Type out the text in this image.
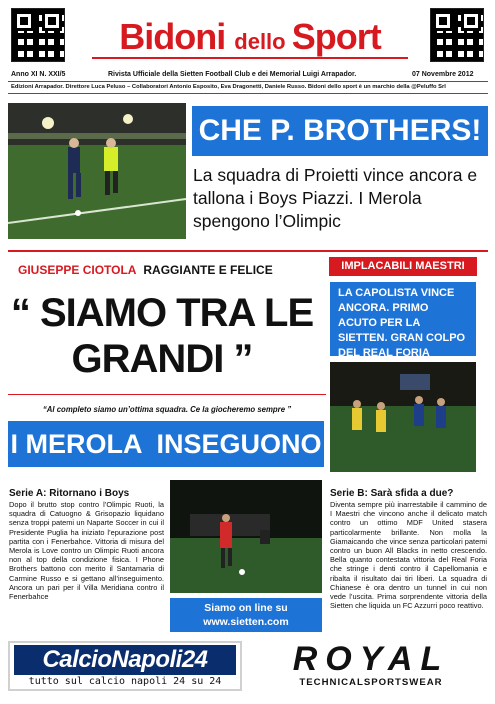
Bidoni dello Sport
Anno XI N. XXI/5	Rivista Ufficiale della Sietten Football Club e dei Memorial Luigi Arrapador.	07 Novembre 2012
Edizioni Arrapador. Direttore Luca Peluso – Collaboratori Antonio Esposito, Eva Dragonetti, Daniele Russo. Bidoni dello sport è un marchio della @Peluffo Srl
CHE P. BROTHERS!
La squadra di Proietti vince ancora e tallona i Boys Piazzi. I Merola spengono l’Olimpic
GIUSEPPE CIOTOLA RAGGIANTE E FELICE
“ SIAMO TRA LE GRANDI ”
“Al completo siamo un’ottima squadra. Ce la giocheremo sempre ”
IMPLACABILI MAESTRI
LA CAPOLISTA VINCE ANCORA. PRIMO ACUTO PER LA SIETTEN. GRAN COLPO DEL REAL FORIA
I MEROLA  INSEGUONO
Serie A: Ritornano i Boys
Dopo il brutto stop contro l’Olimpic Ruoti, la squadra di Catuogno & Grisopazio liquidano senza troppi patemi un Naparte Soccer in cui il Presidente Puglia ha iniziato l’epurazione post partita con i Fenerbahce. Vittoria di misura del Merola is Love contro un Olimpic Ruoti ancora non al top della condizione fisica. I Phone Brothers battono con merito il Santamaria di Carmine Russo e si gettano all’inseguimento. Ancora un pari per il Villa Meridiana contro il Fenerbahce
Siamo on line su
www.sietten.com
Serie B: Sarà sfida a due?
Diventa sempre più inarrestabile il cammino de I Maestri che vincono anche il delicato match contro un ottimo MDF United stasera particolarmente brillante. Non molla la Giamaicando che vince senza particolari patemi contro un buon All Blacks in netto crescendo. Bella quanto contestata vittoria del Real Foria che stringe i denti contro il Capellomania e ribalta il risultato dai tiri liberi. La squadra di Chianese è ora dentro un tunnel in cui non vede l’uscita. Prima sorprendente vittoria della Sietten che liquida un FC Azzurri poco reattivo.
CalcioNapoli24
tutto sul calcio napoli 24 su 24
ROYAL
TECHNICALSPORTSWEAR
